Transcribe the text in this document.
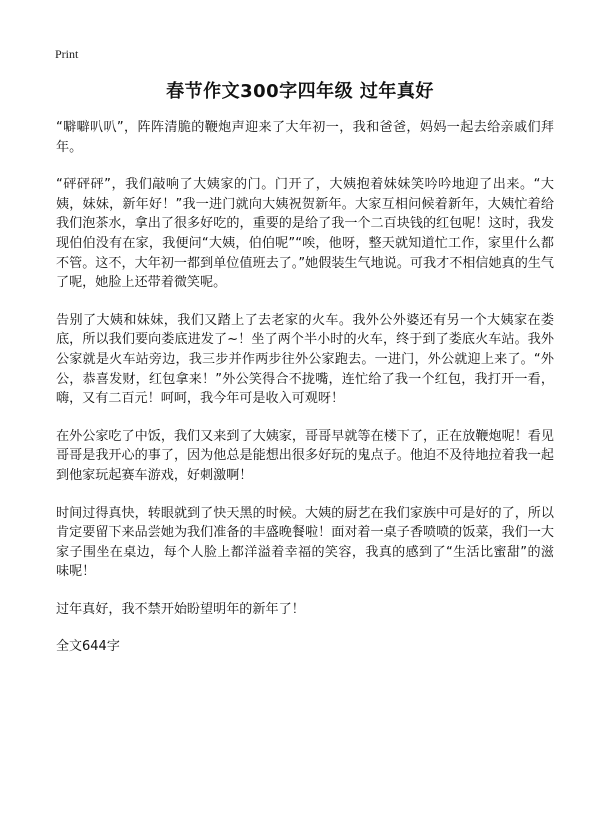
Print
春节作文300字四年级 过年真好

“噼噼叭叭”，阵阵清脆的鞭炮声迎来了大年初一，我和爸爸，妈妈一起去给亲戚们拜年。

“砰砰砰”，我们敲响了大姨家的门。门开了，大姨抱着妹妹笑吟吟地迎了出来。“大姨，妹妹，新年好！”我一进门就向大姨祝贺新年。大家互相问候着新年，大姨忙着给我们泡茶水，拿出了很多好吃的，重要的是给了我一个二百块钱的红包呢！这时，我发现伯伯没有在家，我便问“大姨，伯伯呢”“唉，他呀，整天就知道忙工作，家里什么都不管。这不，大年初一都到单位值班去了。”她假装生气地说。可我才不相信她真的生气了呢，她脸上还带着微笑呢。

告别了大姨和妹妹，我们又踏上了去老家的火车。我外公外婆还有另一个大姨家在娄底，所以我们要向娄底进发了~！坐了两个半小时的火车，终于到了娄底火车站。我外公家就是火车站旁边，我三步并作两步往外公家跑去。一进门，外公就迎上来了。“外公，恭喜发财，红包拿来！”外公笑得合不拢嘴，连忙给了我一个红包，我打开一看，嗨，又有二百元！呵呵，我今年可是收入可观呀！

在外公家吃了中饭，我们又来到了大姨家，哥哥早就等在楼下了，正在放鞭炮呢！看见哥哥是我开心的事了，因为他总是能想出很多好玩的鬼点子。他迫不及待地拉着我一起到他家玩起赛车游戏，好刺激啊！

时间过得真快，转眼就到了快天黑的时候。大姨的厨艺在我们家族中可是好的了，所以肯定要留下来品尝她为我们准备的丰盛晚餐啦！面对着一桌子香喷喷的饭菜，我们一大家子围坐在桌边，每个人脸上都洋溢着幸福的笑容，我真的感到了“生活比蜜甜”的滋味呢！

过年真好，我不禁开始盼望明年的新年了！

全文644字
